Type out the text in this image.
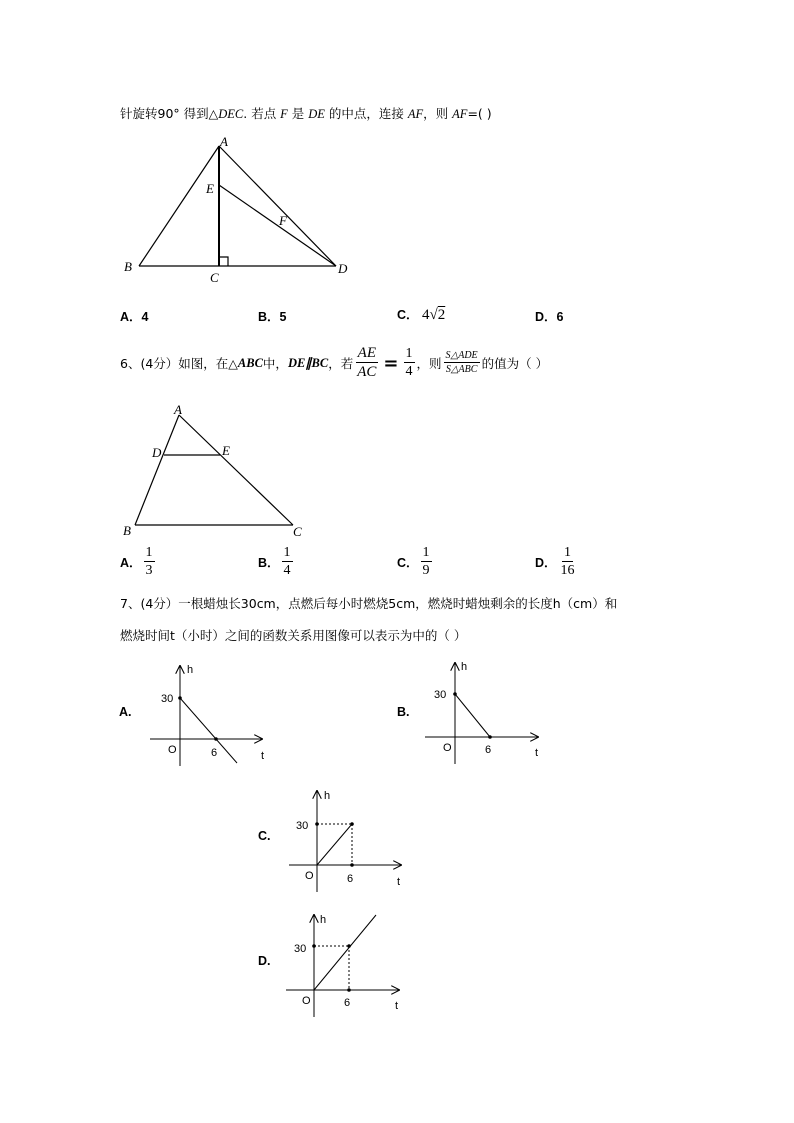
针旋转90° 得到△DEC. 若点 F 是 DE 的中点，连接 AF，则 AF=( )
A
B
C
D
E
F
A．4	B．5	C． 4√2	D．6
6、(4分）如图，在△ ABC 中， DE∥BC ，若 $\frac{AE}{AC} = \frac{1}{4}$ ，则 $\frac{\text{S△ADE}}{\text{S△ABC}}$ 的值为（ ）
A
B	C
D	E
A． $\frac{1}{3}$	B． $\frac{1}{4}$	C． $\frac{1}{9}$	D． $\frac{1}{16}$
7、(4分）一根蜡烛长30cm，点燃后每小时燃烧5cm，燃烧时蜡烛剩余的长度h（cm）和
燃烧时间t（小时）之间的函数关系用图像可以表示为中的（ ）
A.	B.
C.
D.
h
30
O	6	t
h
30
O	6	t
h
30
O	6	t
h
30
O	6	t
